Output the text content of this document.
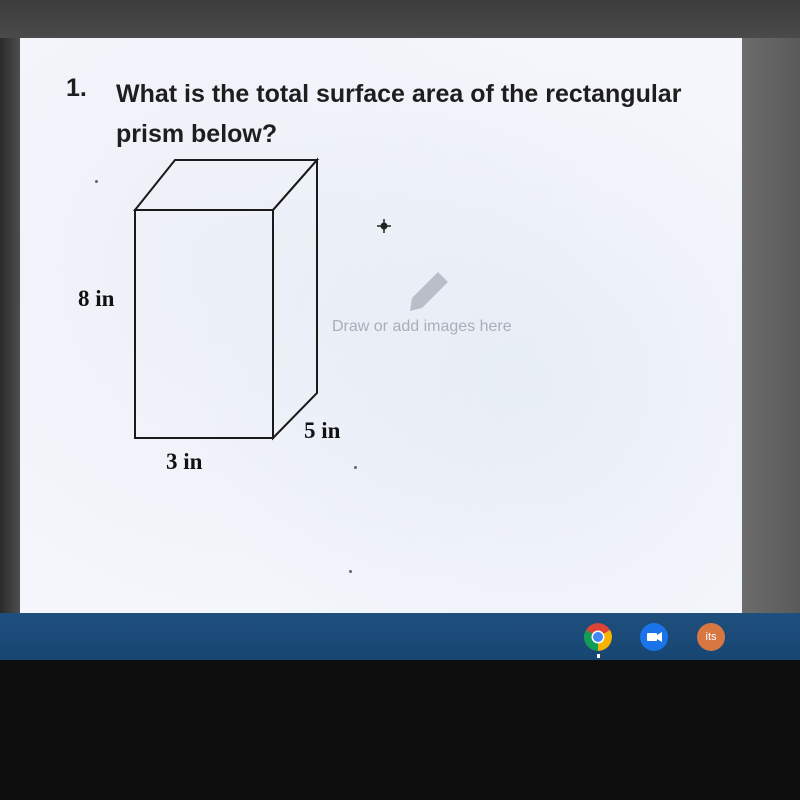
1. What is the total surface area of the rectangular
prism below?
8 in
5 in
3 in
Draw or add images here
its
